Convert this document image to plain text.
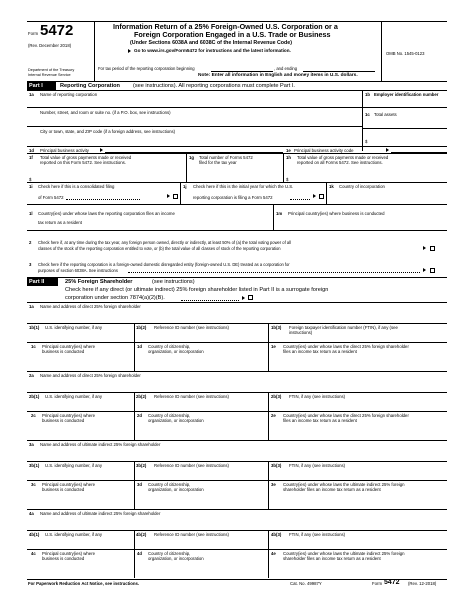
Form 5472
(Rev. December 2018)
Department of the Treasury
Internal Revenue Service
Information Return of a 25% Foreign-Owned U.S. Corporation or a
Foreign Corporation Engaged in a U.S. Trade or Business
(Under Sections 6038A and 6038C of the Internal Revenue Code)
Go to www.irs.gov/Form5472 for instructions and the latest information.
OMB No. 1545-0123
For tax period of the reporting corporation beginning	, and ending
Note: Enter all information in English and money items in U.S. dollars.
Part I	Reporting Corporation (see instructions). All reporting corporations must complete Part I.
1a Name of reporting corporation	1b Employer identification number
Number, street, and room or suite no. (if a P.O. box, see instructions)	1c Total assets
City or town, state, and ZIP code (if a foreign address, see instructions)
$
1d Principal business activity	1e Principal business activity code
1f Total value of gross payments made or received
reported on this Form 5472. See instructions.
$
1g Total number of Forms 5472
filed for the tax year
1h Total value of gross payments made or received
reported on all Forms 5472. See instructions.
$
1i Check here if this is a consolidated filing
of Form 5472
1j Check here if this is the initial year for which the U.S.
reporting corporation is filing a Form 5472
1k Country of incorporation
1l Country(ies) under whose laws the reporting corporation files an income
tax return as a resident
1m Principal country(ies) where business is conducted
2 Check here if, at any time during the tax year, any foreign person owned, directly or indirectly, at least 50% of (a) the total voting power of all
classes of the stock of the reporting corporation entitled to vote, or (b) the total value of all classes of stock of the reporting corporation
3 Check here if the reporting corporation is a foreign-owned domestic disregarded entity (foreign-owned U.S. DE) treated as a corporation for
purposes of section 6038A. See instructions
Part II	25% Foreign Shareholder	(see instructions)
Check here if any direct (or ultimate indirect) 25% foreign shareholder listed in Part II is a surrogate foreign
corporation under section 7874(a)(2)(B).
1a Name and address of direct 25% foreign shareholder
1b(1) U.S. identifying number, if any	1b(2) Reference ID number (see instructions)	1b(3) Foreign taxpayer identification number (FTIN), if any (see
instructions)
1c Principal country(ies) where
business is conducted
1d Country of citizenship,
organization, or incorporation
1e Country(ies) under whose laws the direct 25% foreign shareholder
files an income tax return as a resident
2a Name and address of direct 25% foreign shareholder
2b(1) U.S. identifying number, if any	2b(2) Reference ID number (see instructions)	2b(3) FTIN, if any (see instructions)
2c Principal country(ies) where
business is conducted
2d Country of citizenship,
organization, or incorporation
2e Country(ies) under whose laws the direct 25% foreign shareholder
files an income tax return as a resident
3a Name and address of ultimate indirect 25% foreign shareholder
3b(1) U.S. identifying number, if any	3b(2) Reference ID number (see instructions)	3b(3) FTIN, if any (see instructions)
3c Principal country(ies) where
business is conducted
3d Country of citizenship,
organization, or incorporation
3e Country(ies) under whose laws the ultimate indirect 25% foreign
shareholder files an income tax return as a resident
4a Name and address of ultimate indirect 25% foreign shareholder
4b(1) U.S. identifying number, if any	4b(2) Reference ID number (see instructions)	4b(3) FTIN, if any (see instructions)
4c Principal country(ies) where
business is conducted
4d Country of citizenship,
organization, or incorporation
4e Country(ies) under whose laws the ultimate indirect 25% foreign
shareholder files an income tax return as a resident
For Paperwork Reduction Act Notice, see instructions.	Cat. No. 49987Y	Form 5472 (Rev. 12-2018)
